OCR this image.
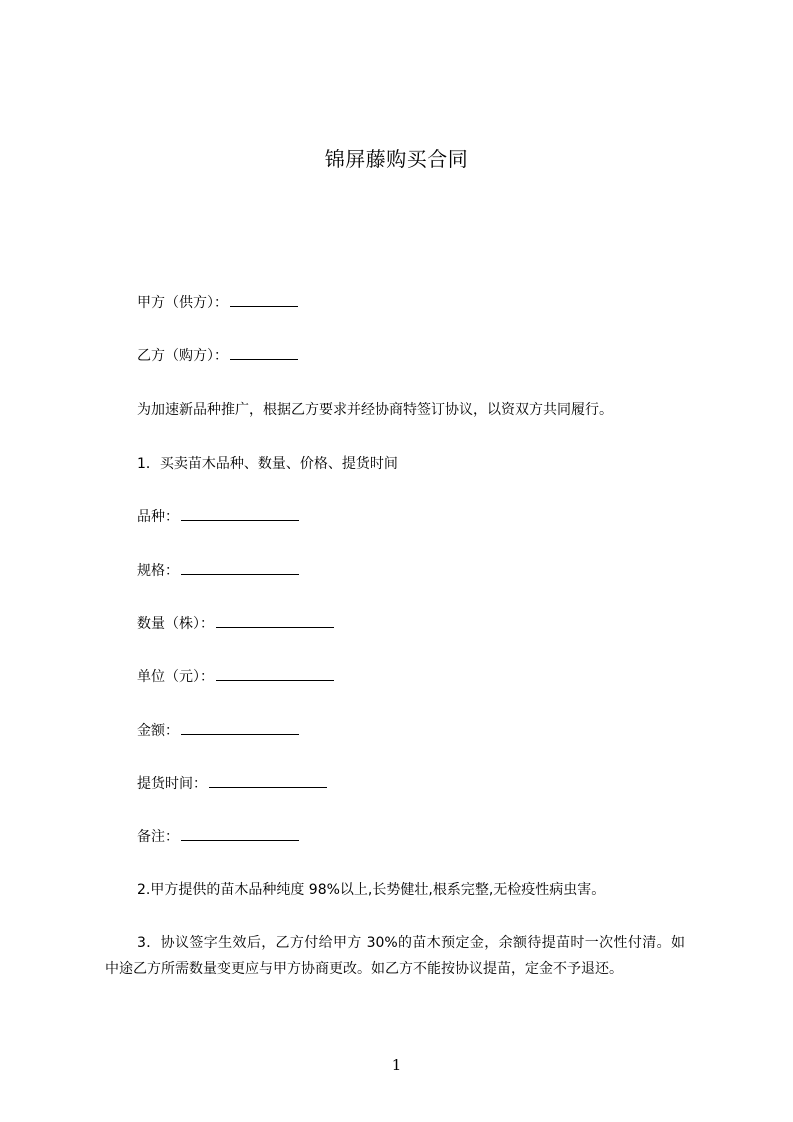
锦屏藤购买合同
甲方（供方）：
乙方（购方）：
为加速新品种推广，根据乙方要求并经协商特签订协议，以资双方共同履行。
1．买卖苗木品种、数量、价格、提货时间
品种：
规格：
数量（株）：
单位（元）：
金额：
提货时间：
备注：
2.甲方提供的苗木品种纯度 98%以上,长势健壮,根系完整,无检疫性病虫害。
3．协议签字生效后，乙方付给甲方 30%的苗木预定金，余额待提苗时一次性付清。如中途乙方所需数量变更应与甲方协商更改。如乙方不能按协议提苗，定金不予退还。
1
